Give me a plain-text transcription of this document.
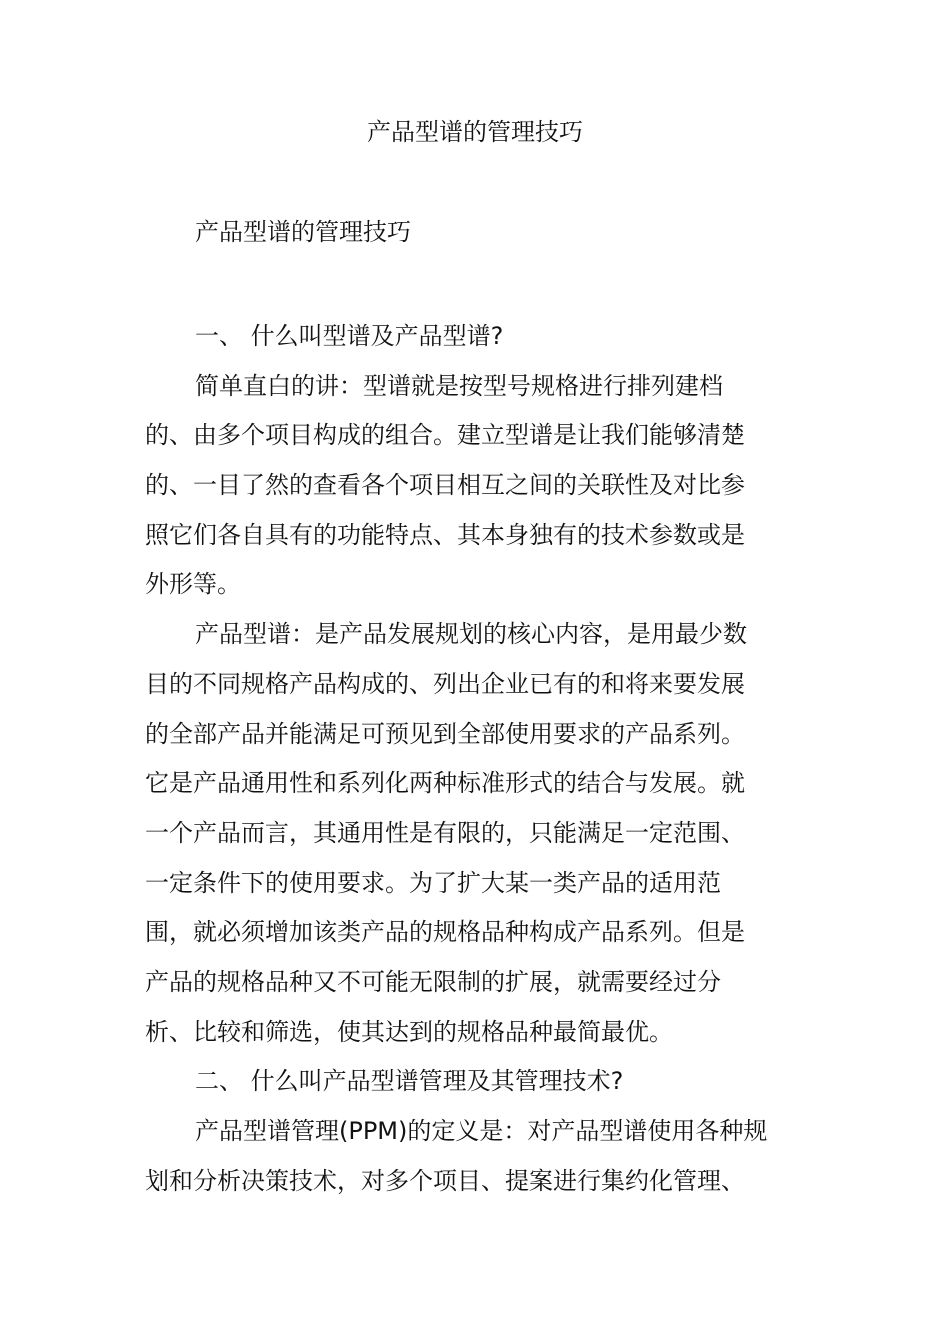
产品型谱的管理技巧
产品型谱的管理技巧
一、 什么叫型谱及产品型谱?
简单直白的讲：型谱就是按型号规格进行排列建档
的、由多个项目构成的组合。建立型谱是让我们能够清楚
的、一目了然的查看各个项目相互之间的关联性及对比参
照它们各自具有的功能特点、其本身独有的技术参数或是
外形等。
产品型谱：是产品发展规划的核心内容，是用最少数
目的不同规格产品构成的、列出企业已有的和将来要发展
的全部产品并能满足可预见到全部使用要求的产品系列。
它是产品通用性和系列化两种标准形式的结合与发展。就
一个产品而言，其通用性是有限的，只能满足一定范围、
一定条件下的使用要求。为了扩大某一类产品的适用范
围，就必须增加该类产品的规格品种构成产品系列。但是
产品的规格品种又不可能无限制的扩展，就需要经过分
析、比较和筛选，使其达到的规格品种最简最优。
二、 什么叫产品型谱管理及其管理技术?
产品型谱管理(PPM)的定义是：对产品型谱使用各种规
划和分析决策技术，对多个项目、提案进行集约化管理、
